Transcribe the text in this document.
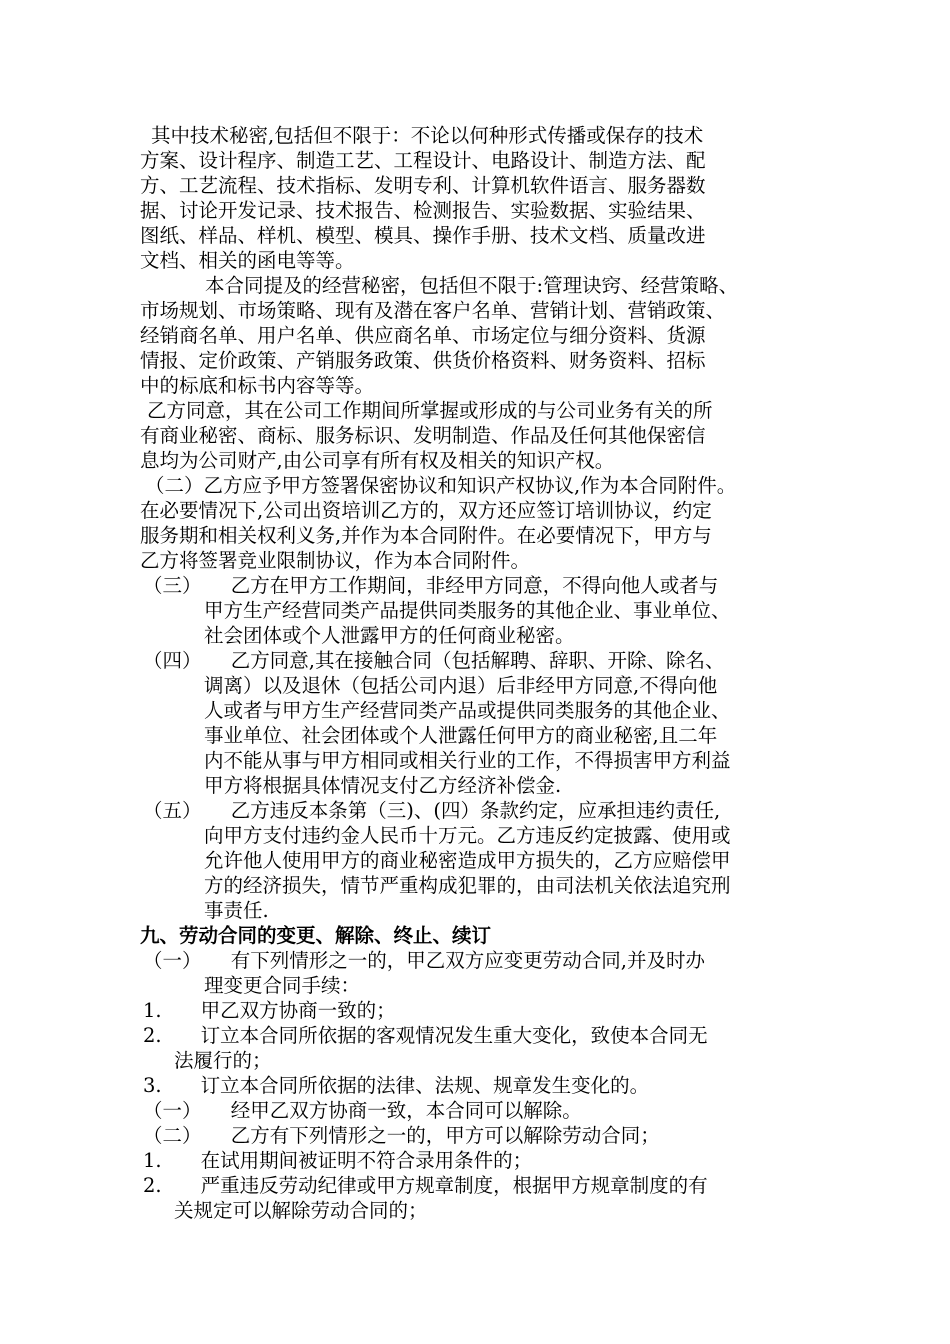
其中技术秘密,包括但不限于：不论以何种形式传播或保存的技术
方案、设计程序、制造工艺、工程设计、电路设计、制造方法、配
方、工艺流程、技术指标、发明专利、计算机软件语言、服务器数
据、讨论开发记录、技术报告、检测报告、实验数据、实验结果、
图纸、样品、样机、模型、模具、操作手册、技术文档、质量改进
文档、相关的函电等等。
本合同提及的经营秘密，包括但不限于:管理诀窍、经营策略、
市场规划、市场策略、现有及潜在客户名单、营销计划、营销政策、
经销商名单、用户名单、供应商名单、市场定位与细分资料、货源
情报、定价政策、产销服务政策、供货价格资料、财务资料、招标
中的标底和标书内容等等。
乙方同意，其在公司工作期间所掌握或形成的与公司业务有关的所
有商业秘密、商标、服务标识、发明制造、作品及任何其他保密信
息均为公司财产,由公司享有所有权及相关的知识产权。
（二）乙方应予甲方签署保密协议和知识产权协议,作为本合同附件。
在必要情况下,公司出资培训乙方的，双方还应签订培训协议，约定
服务期和相关权利义务,并作为本合同附件。在必要情况下，甲方与
乙方将签署竞业限制协议，作为本合同附件。
（三）　　乙方在甲方工作期间，非经甲方同意，不得向他人或者与
甲方生产经营同类产品提供同类服务的其他企业、事业单位、
社会团体或个人泄露甲方的任何商业秘密。
（四）　　乙方同意,其在接触合同（包括解聘、辞职、开除、除名、
调离）以及退休（包括公司内退）后非经甲方同意,不得向他
人或者与甲方生产经营同类产品或提供同类服务的其他企业、
事业单位、社会团体或个人泄露任何甲方的商业秘密,且二年
内不能从事与甲方相同或相关行业的工作，不得损害甲方利益
甲方将根据具体情况支付乙方经济补偿金.
（五）　　乙方违反本条第（三)、(四）条款约定，应承担违约责任,
向甲方支付违约金人民币十万元。乙方违反约定披露、使用或
允许他人使用甲方的商业秘密造成甲方损失的，乙方应赔偿甲
方的经济损失，情节严重构成犯罪的，由司法机关依法追究刑
事责任.
九、劳动合同的变更、解除、终止、续订
（一）　　有下列情形之一的，甲乙双方应变更劳动合同,并及时办
理变更合同手续：
1.　　甲乙双方协商一致的；
2.　　订立本合同所依据的客观情况发生重大变化，致使本合同无
法履行的；
3.　　订立本合同所依据的法律、法规、规章发生变化的。
（一）　　经甲乙双方协商一致，本合同可以解除。
（二）　　乙方有下列情形之一的，甲方可以解除劳动合同；
1.　　在试用期间被证明不符合录用条件的；
2.　　严重违反劳动纪律或甲方规章制度，根据甲方规章制度的有
关规定可以解除劳动合同的；
